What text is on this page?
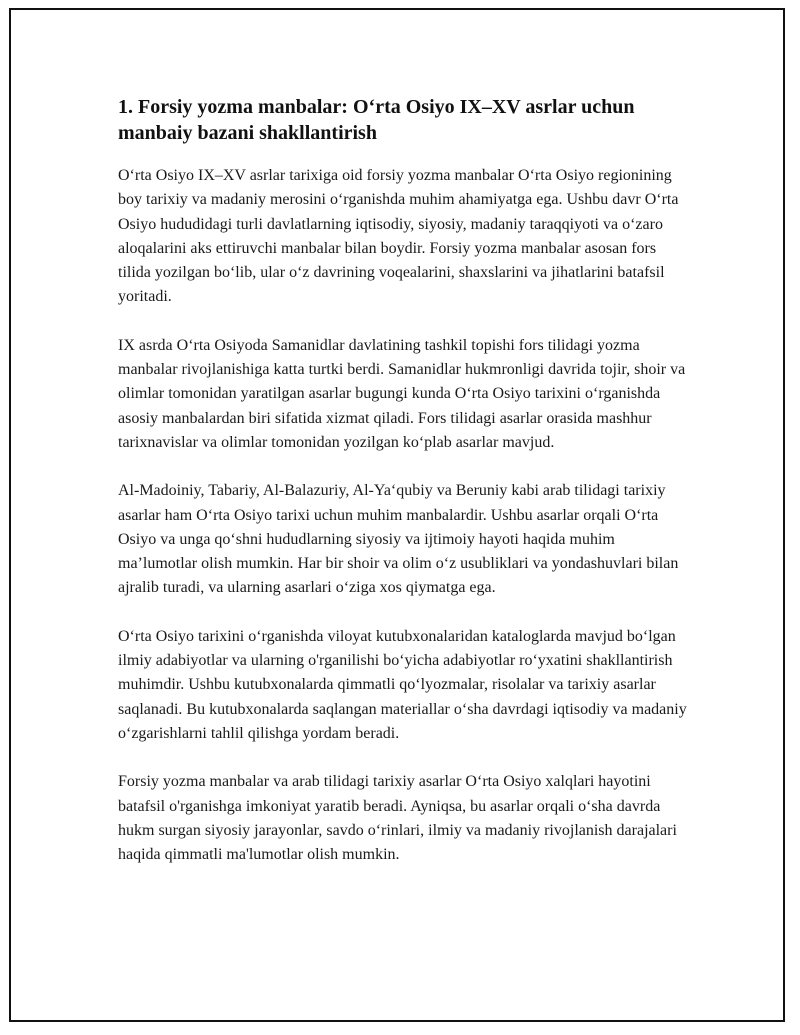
1. Forsiy yozma manbalar: O‘rta Osiyo IX–XV asrlar uchun
manbaiy bazani shakllantirish

O‘rta Osiyo IX–XV asrlar tarixiga oid forsiy yozma manbalar O‘rta Osiyo regionining boy tarixiy va madaniy merosini o‘rganishda muhim ahamiyatga ega. Ushbu davr O‘rta Osiyo hududidagi turli davlatlarning iqtisodiy, siyosiy, madaniy taraqqiyoti va o‘zaro aloqalarini aks ettiruvchi manbalar bilan boydir. Forsiy yozma manbalar asosan fors tilida yozilgan bo‘lib, ular o‘z davrining voqealarini, shaxslarini va jihatlarini batafsil yoritadi.

IX asrda O‘rta Osiyoda Samanidlar davlatining tashkil topishi fors tilidagi yozma manbalar rivojlanishiga katta turtki berdi. Samanidlar hukmronligi davrida tojir, shoir va olimlar tomonidan yaratilgan asarlar bugungi kunda O‘rta Osiyo tarixini o‘rganishda asosiy manbalardan biri sifatida xizmat qiladi. Fors tilidagi asarlar orasida mashhur tarixnavislar va olimlar tomonidan yozilgan ko‘plab asarlar mavjud.

Al-Madoiniy, Tabariy, Al-Balazuriy, Al-Ya‘qubiy va Beruniy kabi arab tilidagi tarixiy asarlar ham O‘rta Osiyo tarixi uchun muhim manbalardir. Ushbu asarlar orqali O‘rta Osiyo va unga qo‘shni hududlarning siyosiy va ijtimoiy hayoti haqida muhim ma’lumotlar olish mumkin. Har bir shoir va olim o‘z usubliklari va yondashuvlari bilan ajralib turadi, va ularning asarlari o‘ziga xos qiymatga ega.

O‘rta Osiyo tarixini o‘rganishda viloyat kutubxonalaridan kataloglarda mavjud bo‘lgan ilmiy adabiyotlar va ularning o'rganilishi bo‘yicha adabiyotlar ro‘yxatini shakllantirish muhimdir. Ushbu kutubxonalarda qimmatli qo‘lyozmalar, risolalar va tarixiy asarlar saqlanadi. Bu kutubxonalarda saqlangan materiallar o‘sha davrdagi iqtisodiy va madaniy o‘zgarishlarni tahlil qilishga yordam beradi.

Forsiy yozma manbalar va arab tilidagi tarixiy asarlar O‘rta Osiyo xalqlari hayotini batafsil o'rganishga imkoniyat yaratib beradi. Ayniqsa, bu asarlar orqali o‘sha davrda hukm surgan siyosiy jarayonlar, savdo o‘rinlari, ilmiy va madaniy rivojlanish darajalari haqida qimmatli ma'lumotlar olish mumkin.
